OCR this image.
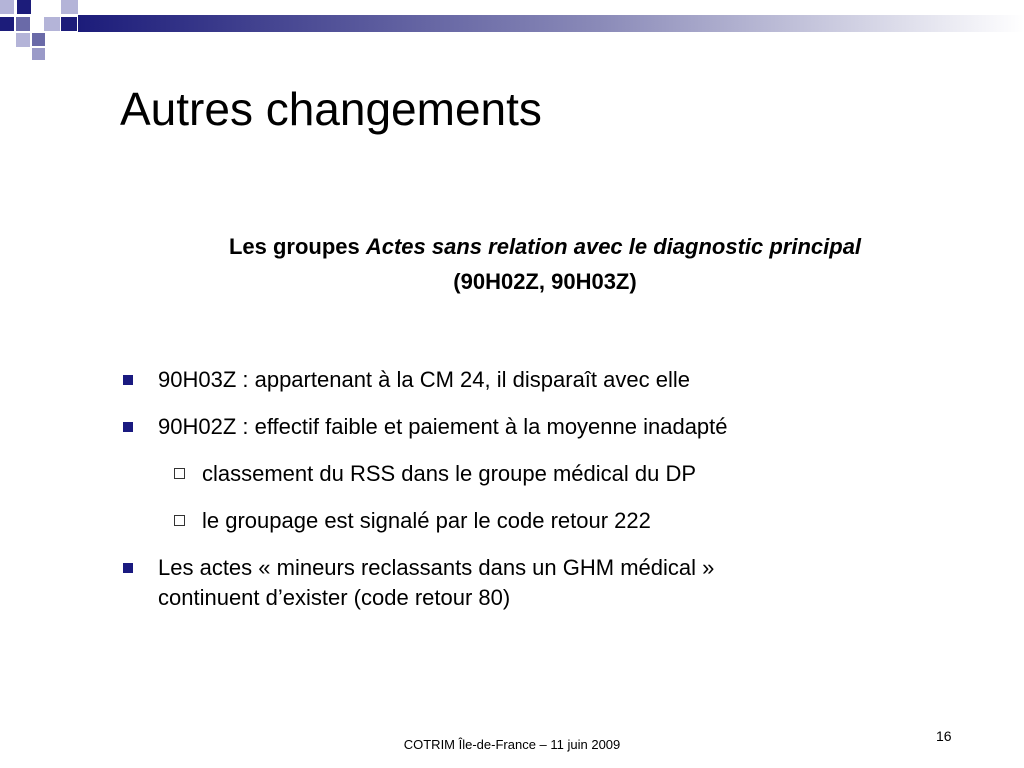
Autres changements
Les groupes Actes sans relation avec le diagnostic principal
(90H02Z, 90H03Z)
90H03Z : appartenant à la CM 24, il disparaît avec elle
90H02Z : effectif faible et paiement à la moyenne inadapté
classement du RSS dans le groupe médical du DP
le groupage est signalé par le code retour 222
Les actes « mineurs reclassants dans un GHM médical »
continuent d’exister (code retour 80)
COTRIM Île-de-France – 11 juin 2009
16
